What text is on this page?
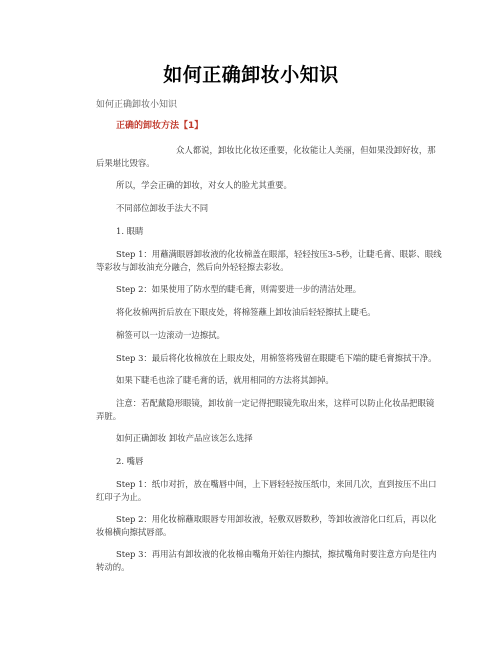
如何正确卸妆小知识

如何正确卸妆小知识

正确的卸妆方法【1】

众人都说，卸妆比化妆还重要，化妆能让人美丽，但如果没卸好妆，那后果堪比毁容。

所以，学会正确的卸妆，对女人的脸尤其重要。

不同部位卸妆手法大不同

1. 眼睛

Step 1：用蘸满眼唇卸妆液的化妆棉盖在眼部，轻轻按压3-5秒，让睫毛膏、眼影、眼线等彩妆与卸妆油充分融合，然后向外轻轻擦去彩妆。

Step 2：如果使用了防水型的睫毛膏，则需要进一步的清洁处理。

将化妆棉两折后放在下眼皮处，将棉签蘸上卸妆油后轻轻擦拭上睫毛。

棉签可以一边滚动一边擦拭。

Step 3：最后将化妆棉放在上眼皮处，用棉签将残留在眼睫毛下端的睫毛膏擦拭干净。

如果下睫毛也涂了睫毛膏的话，就用相同的方法将其卸掉。

注意：若配戴隐形眼镜，卸妆前一定记得把眼镜先取出来，这样可以防止化妆品把眼镜弄脏。

如何正确卸妆 卸妆产品应该怎么选择

2. 嘴唇

Step 1：纸巾对折，放在嘴唇中间，上下唇轻轻按压纸巾，来回几次，直到按压不出口红印子为止。

Step 2：用化妆棉蘸取眼唇专用卸妆液，轻敷双唇数秒，等卸妆液溶化口红后，再以化妆棉横向擦拭唇部。

Step 3：再用沾有卸妆液的化妆棉由嘴角开始往内擦拭，擦拭嘴角时要注意方向是往内转动的。
